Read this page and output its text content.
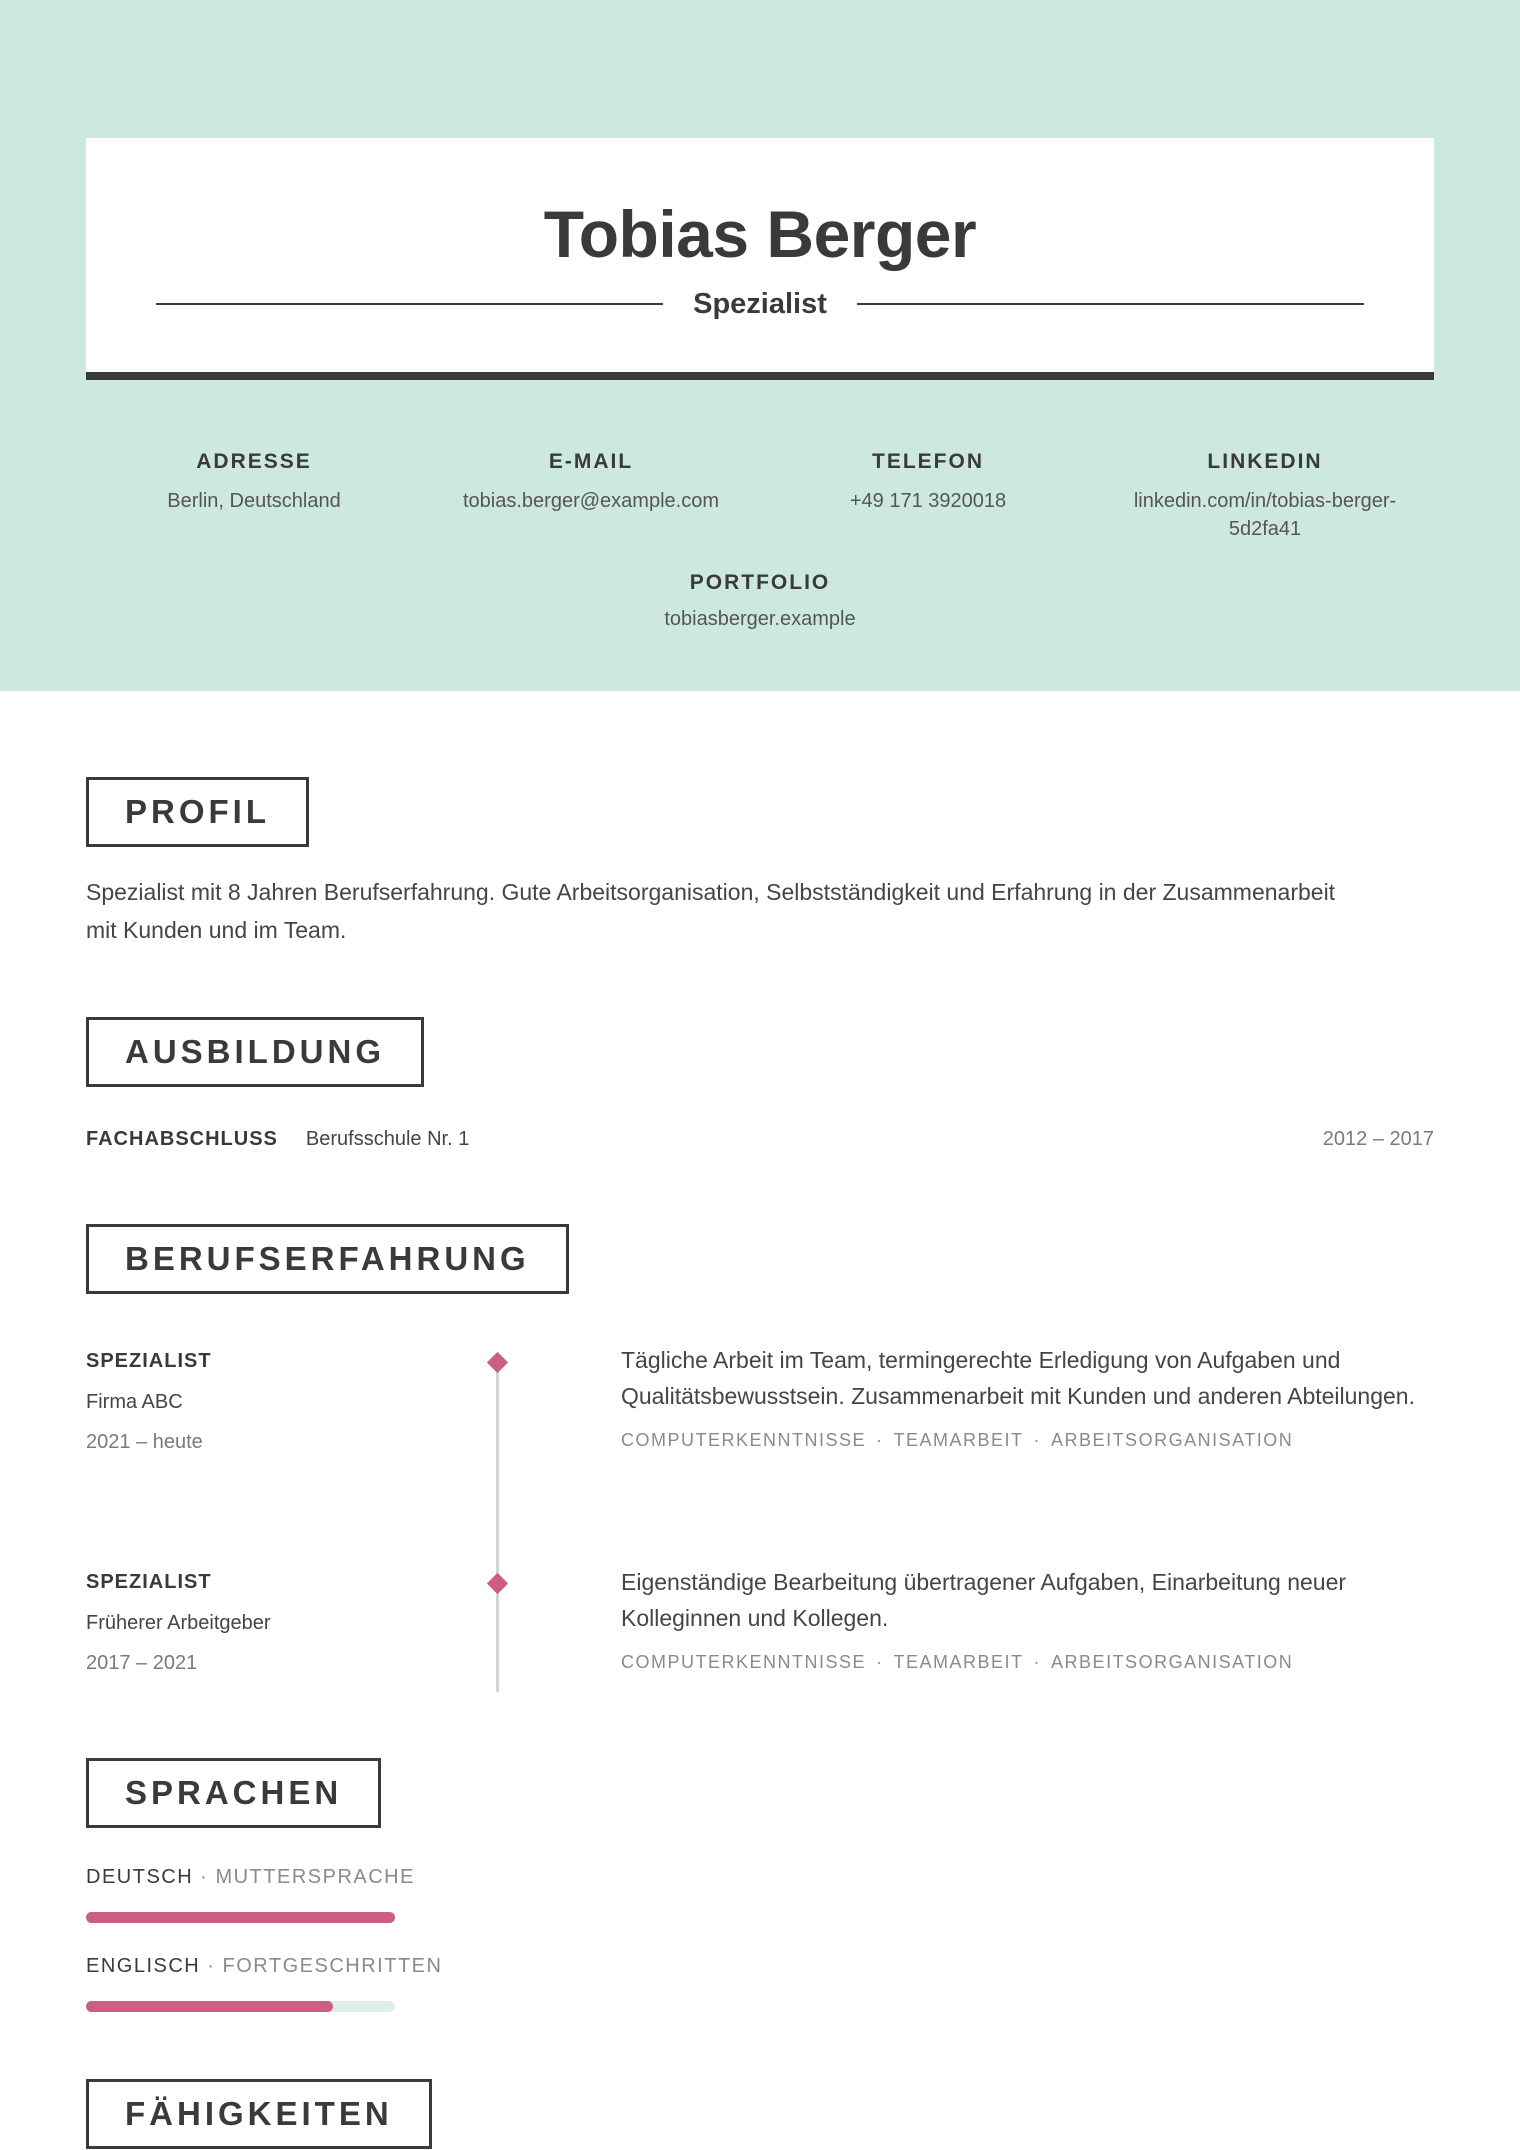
Tobias Berger
Spezialist
ADRESSE
Berlin, Deutschland
E-MAIL
tobias.berger@example.com
TELEFON
+49 171 3920018
LINKEDIN
linkedin.com/in/tobias-berger-5d2fa41
PORTFOLIO
tobiasberger.example
PROFIL
Spezialist mit 8 Jahren Berufserfahrung. Gute Arbeitsorganisation, Selbstständigkeit und Erfahrung in der Zusammenarbeit mit Kunden und im Team.
AUSBILDUNG
FACHABSCHLUSS Berufsschule Nr. 1	2012 – 2017
BERUFSERFAHRUNG
SPEZIALIST
Firma ABC
2021 – heute
Tägliche Arbeit im Team, termingerechte Erledigung von Aufgaben und Qualitätsbewusstsein. Zusammenarbeit mit Kunden und anderen Abteilungen.
COMPUTERKENNTNISSE · TEAMARBEIT · ARBEITSORGANISATION
SPEZIALIST
Früherer Arbeitgeber
2017 – 2021
Eigenständige Bearbeitung übertragener Aufgaben, Einarbeitung neuer Kolleginnen und Kollegen.
COMPUTERKENNTNISSE · TEAMARBEIT · ARBEITSORGANISATION
SPRACHEN
DEUTSCH · MUTTERSPRACHE
ENGLISCH · FORTGESCHRITTEN
FÄHIGKEITEN
